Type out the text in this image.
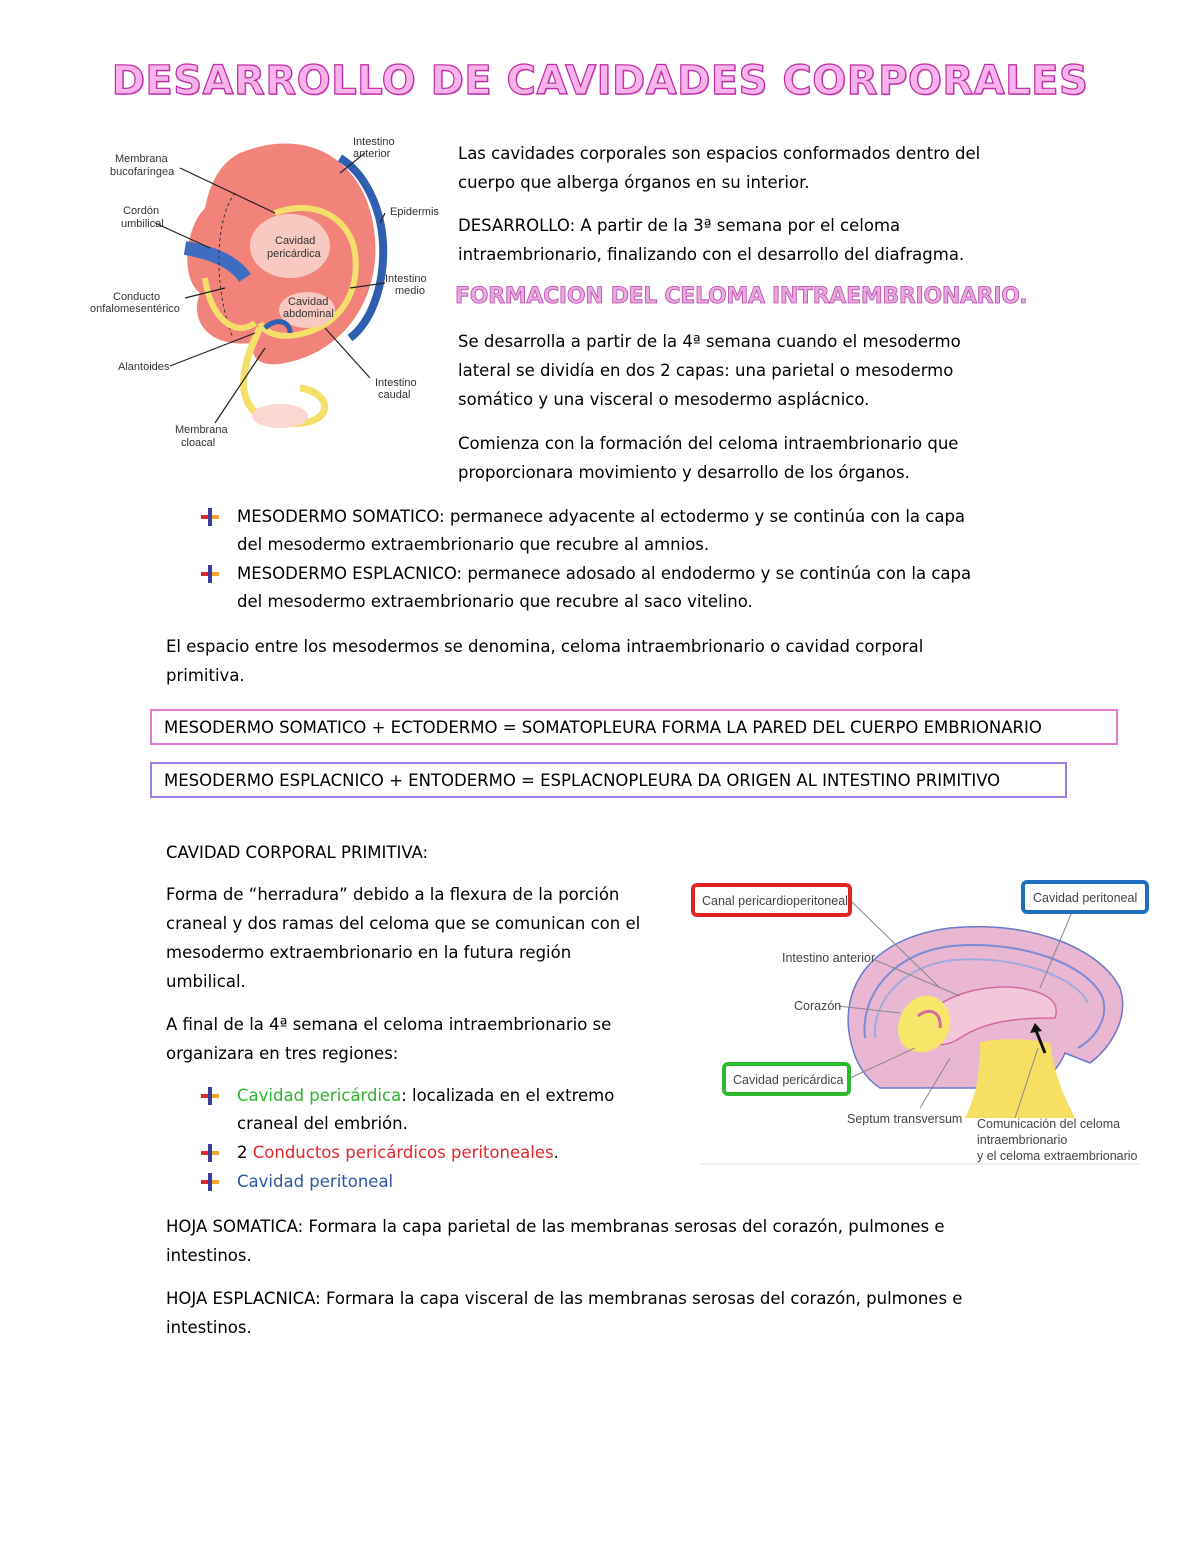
DESARROLLO DE CAVIDADES CORPORALES
Membrana
bucofaríngea
Cordón
umbilical
Conducto
onfalomesentérico
Alantoides
Membrana
cloacal
Intestino
anterior
Epidermis
Intestino
medio
Intestino
caudal
Cavidad
pericárdica
Cavidad
abdominal
Las cavidades corporales son espacios conformados dentro del
cuerpo que alberga órganos en su interior.
DESARROLLO: A partir de la 3ª semana por el celoma
intraembrionario, finalizando con el desarrollo del diafragma.
FORMACION DEL CELOMA INTRAEMBRIONARIO.
Se desarrolla a partir de la 4ª semana cuando el mesodermo
lateral se dividía en dos 2 capas: una parietal o mesodermo
somático y una visceral o mesodermo asplácnico.
Comienza con la formación del celoma intraembrionario que
proporcionara movimiento y desarrollo de los órganos.
MESODERMO SOMATICO: permanece adyacente al ectodermo y se continúa con la capa
del mesodermo extraembrionario que recubre al amnios.
MESODERMO ESPLACNICO: permanece adosado al endodermo y se continúa con la capa
del mesodermo extraembrionario que recubre al saco vitelino.
El espacio entre los mesodermos se denomina, celoma intraembrionario o cavidad corporal
primitiva.
MESODERMO SOMATICO + ECTODERMO = SOMATOPLEURA FORMA LA PARED DEL CUERPO EMBRIONARIO
MESODERMO ESPLACNICO + ENTODERMO = ESPLACNOPLEURA DA ORIGEN AL INTESTINO PRIMITIVO
CAVIDAD CORPORAL PRIMITIVA:
Forma de “herradura” debido a la flexura de la porción
craneal y dos ramas del celoma que se comunican con el
mesodermo extraembrionario en la futura región
umbilical.
A final de la 4ª semana el celoma intraembrionario se
organizara en tres regiones:
Cavidad pericárdica: localizada en el extremo
craneal del embrión.
2 Conductos pericárdicos peritoneales.
Cavidad peritoneal
Canal pericardioperitoneal	Cavidad peritoneal
Cavidad pericárdica
Intestino anterior
Corazón
Septum transversum Comunicación del celoma
intraembrionario
y el celoma extraembrionario
HOJA SOMATICA: Formara la capa parietal de las membranas serosas del corazón, pulmones e
intestinos.
HOJA ESPLACNICA: Formara la capa visceral de las membranas serosas del corazón, pulmones e
intestinos.
